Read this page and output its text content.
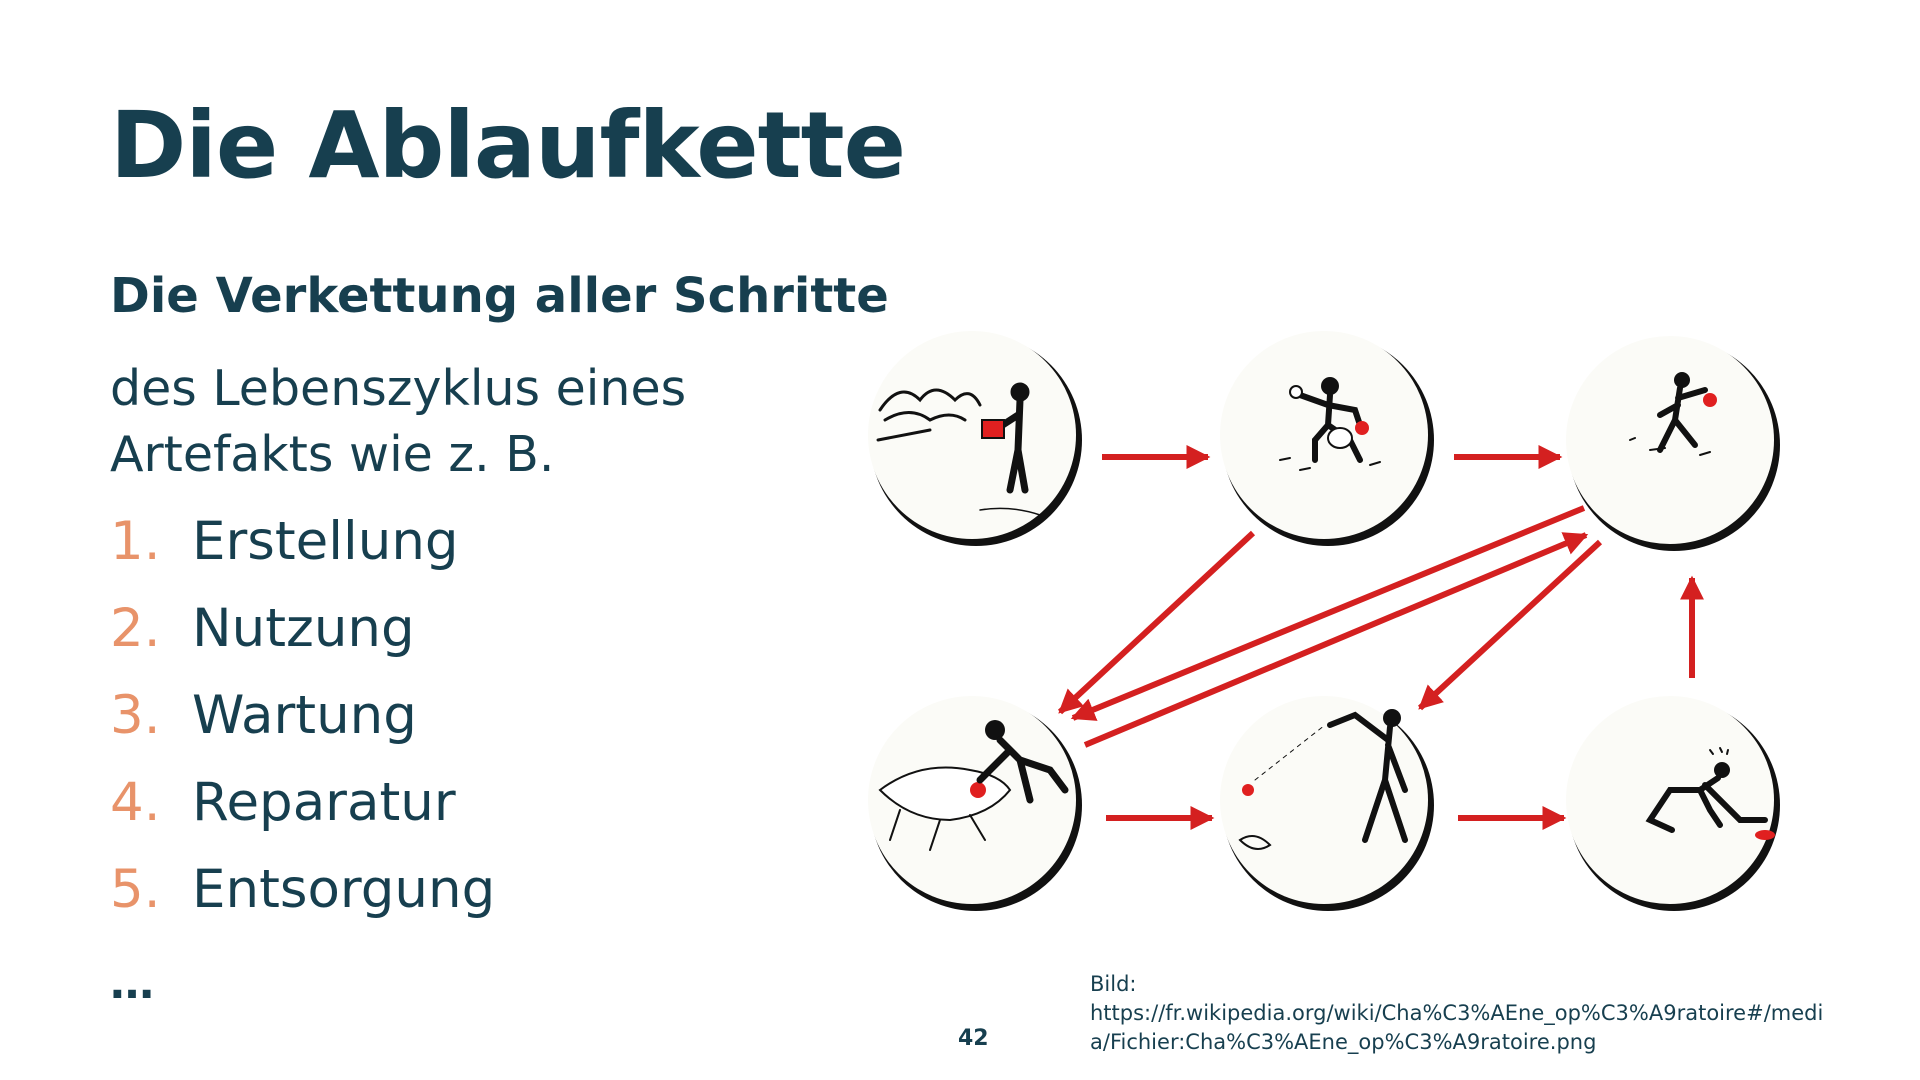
Die Ablaufkette
Die Verkettung aller Schritte
des Lebenszyklus eines Artefakts wie z. B.
1. Erstellung
2. Nutzung
3. Wartung
4. Reparatur
5. Entsorgung
…
42
Bild:
https://fr.wikipedia.org/wiki/Cha%C3%AEne_op%C3%A9ratoire#/media/Fichier:Cha%C3%AEne_op%C3%A9ratoire.png
